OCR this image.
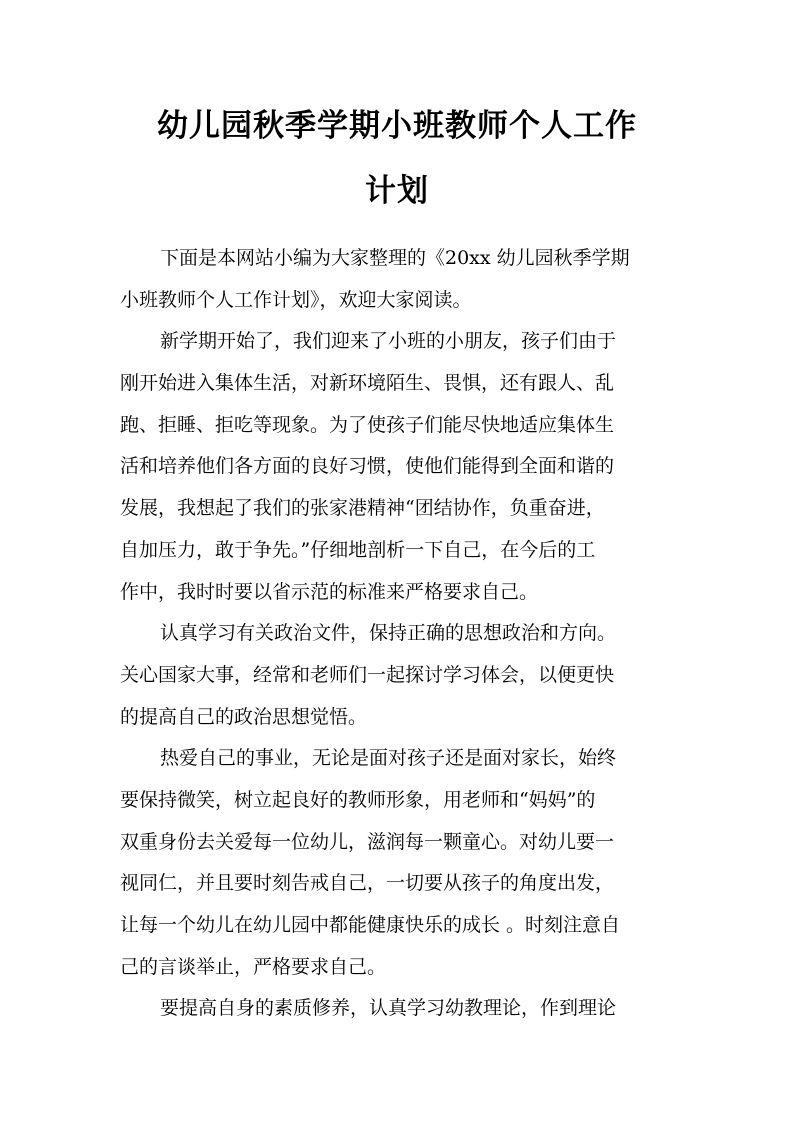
幼儿园秋季学期小班教师个人工作
计划
下面是本网站小编为大家整理的《20xx 幼儿园秋季学期
小班教师个人工作计划》，欢迎大家阅读。
新学期开始了，我们迎来了小班的小朋友，孩子们由于
刚开始进入集体生活，对新环境陌生、畏惧，还有跟人、乱
跑、拒睡、拒吃等现象。为了使孩子们能尽快地适应集体生
活和培养他们各方面的良好习惯，使他们能得到全面和谐的
发展，我想起了我们的张家港精神“团结协作，负重奋进，
自加压力，敢于争先。”仔细地剖析一下自己，在今后的工
作中，我时时要以省示范的标准来严格要求自己。
认真学习有关政治文件，保持正确的思想政治和方向。
关心国家大事，经常和老师们一起探讨学习体会，以便更快
的提高自己的政治思想觉悟。
热爱自己的事业，无论是面对孩子还是面对家长，始终
要保持微笑，树立起良好的教师形象，用老师和“妈妈”的
双重身份去关爱每一位幼儿，滋润每一颗童心。对幼儿要一
视同仁，并且要时刻告戒自己，一切要从孩子的角度出发，
让每一个幼儿在幼儿园中都能健康快乐的成长 。时刻注意自
己的言谈举止，严格要求自己。
要提高自身的素质修养，认真学习幼教理论，作到理论
